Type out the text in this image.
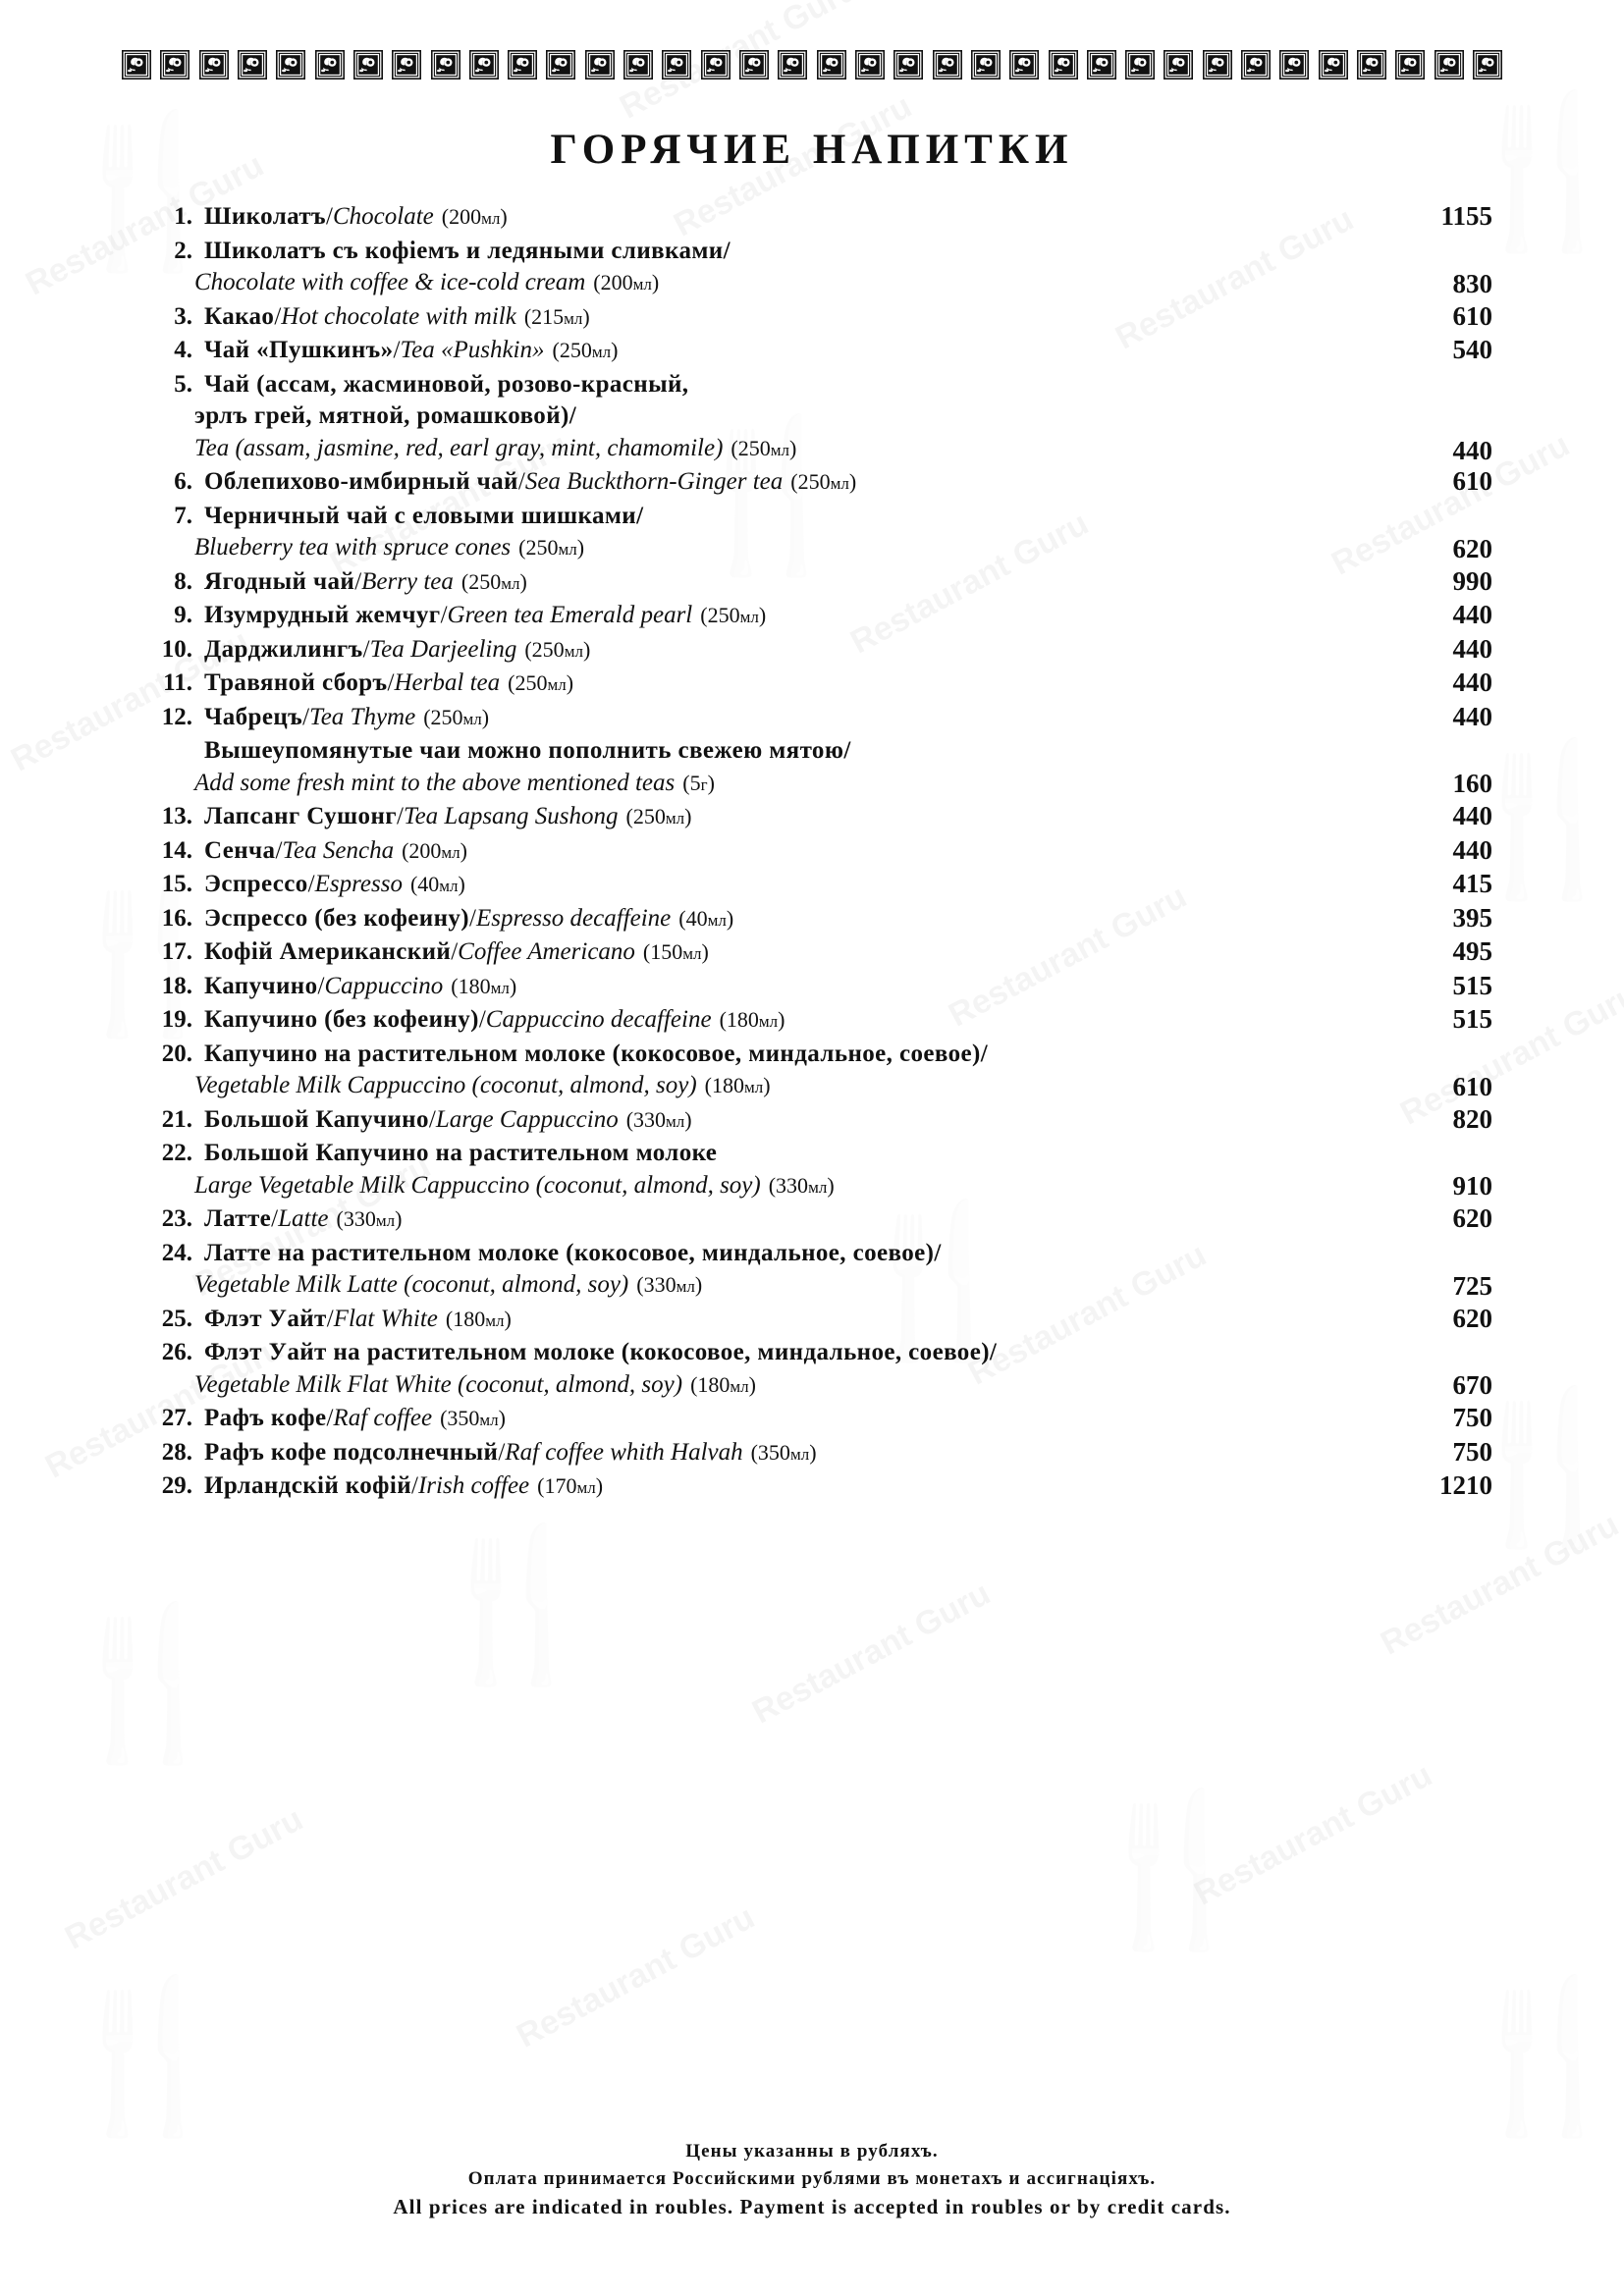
ГОРЯЧИЕ НАПИТКИ
1 . Шиколатъ/Chocolate (200мл)	1155
2 . Шиколатъ съ кофіемъ и ледяными сливками/
Chocolate with coffee & ice-cold cream (200мл)	830
3 . Какао/Hot chocolate with milk (215мл)	610
4 . Чай «Пушкинъ»/Tea «Pushkin» (250мл)	540
5 . Чай (ассам, жасминовой, розово-красный,
эрлъ грей, мятной, ромашковой)/
Tea (assam, jasmine, red, earl gray, mint, chamomile) (250мл)	440
6 . Облепихово-имбирный чай/Sea Buckthorn-Ginger tea (250мл)	610
7 . Черничный чай с еловыми шишками/
Blueberry tea with spruce cones (250мл)	620
8 . Ягодный чай/Berry tea (250мл)	990
9 . Изумрудный жемчуг/Green tea Emerald pearl (250мл)	440
10 . Дарджилингъ/Tea Darjeeling (250мл)	440
11 . Травяной сборъ/Herbal tea (250мл)	440
12 . Чабрецъ/Tea Thyme (250мл)	440
Вышеупомянутые чаи можно пополнить свежею мятою/
Add some fresh mint to the above mentioned teas (5г)	160
13 . Лапсанг Сушонг/Tea Lapsang Sushong (250мл)	440
14 . Сенча/Tea Sencha (200мл)	440
15 . Эспрессо/Espresso (40мл)	415
16 . Эспрессо (без кофеину)/Espresso decaffeine (40мл)	395
17 . Кофій Американский/Coffee Americano (150мл)	495
18 . Капучино/Cappuccino (180мл)	515
19 . Капучино (без кофеину)/Cappuccino decaffeine (180мл)	515
20 . Капучино на растительном молоке (кокосовое, миндальное, соевое)/
Vegetable Milk Cappuccino (coconut, almond, soy) (180мл)	610
21 . Большой Капучино/Large Cappuccino (330мл)	820
22 . Большой Капучино на растительном молоке
Large Vegetable Milk Cappuccino (coconut, almond, soy) (330мл)	910
23 . Латте/Latte (330мл)	620
24 . Латте на растительном молоке (кокосовое, миндальное, соевое)/
Vegetable Milk Latte (coconut, almond, soy) (330мл)	725
25 . Флэт Уайт/Flat White (180мл)	620
26 . Флэт Уайт на растительном молоке (кокосовое, миндальное, соевое)/
Vegetable Milk Flat White (coconut, almond, soy) (180мл)	670
27 . Рафъ кофе/Raf coffee (350мл)	750
28 . Рафъ кофе подсолнечный/Raf coffee whith Halvah (350мл)	750
29 . Ирландскiй кофій/Irish coffee (170мл)	1210
Цены указанны в рубляхъ.
Оплата принимается Российскими рублями въ монетахъ и ассигнаціяхъ.
All prices are indicated in roubles. Payment is accepted in roubles or by credit cards.
